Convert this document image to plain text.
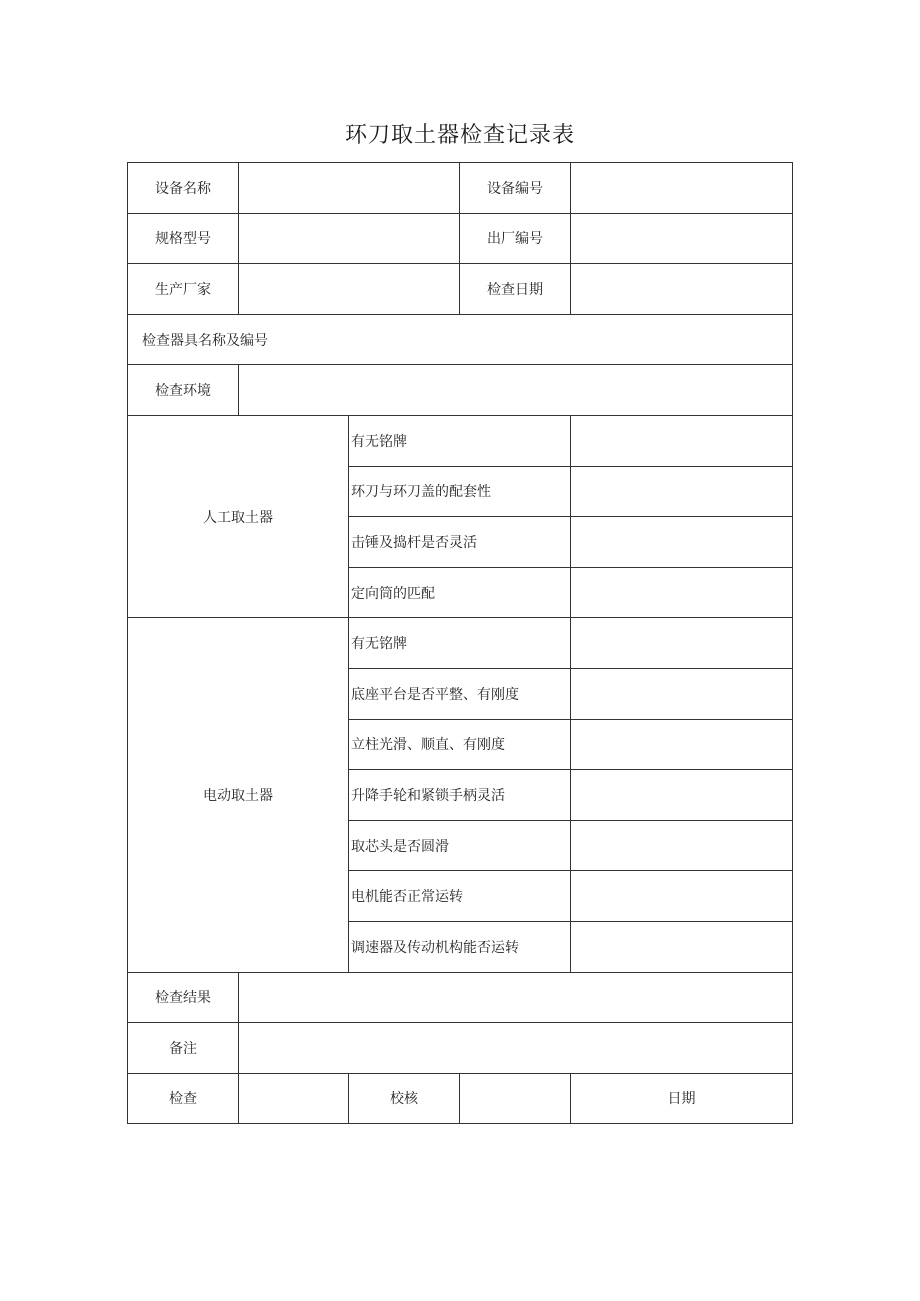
环刀取土器检查记录表
设备名称			设备编号	
规格型号			出厂编号	
生产厂家			检查日期	
检查器具名称及编号				
检查环境				
人工取土器		有无铭牌		
		环刀与环刀盖的配套性		
		击锤及捣杆是否灵活		
		定向筒的匹配		
电动取土器		有无铭牌		
		底座平台是否平整、有刚度		
		立柱光滑、顺直、有刚度		
		升降手轮和紧锁手柄灵活		
		取芯头是否圆滑		
		电机能否正常运转		
		调速器及传动机构能否运转		
检查结果				
备注				
检查		校核		日期
